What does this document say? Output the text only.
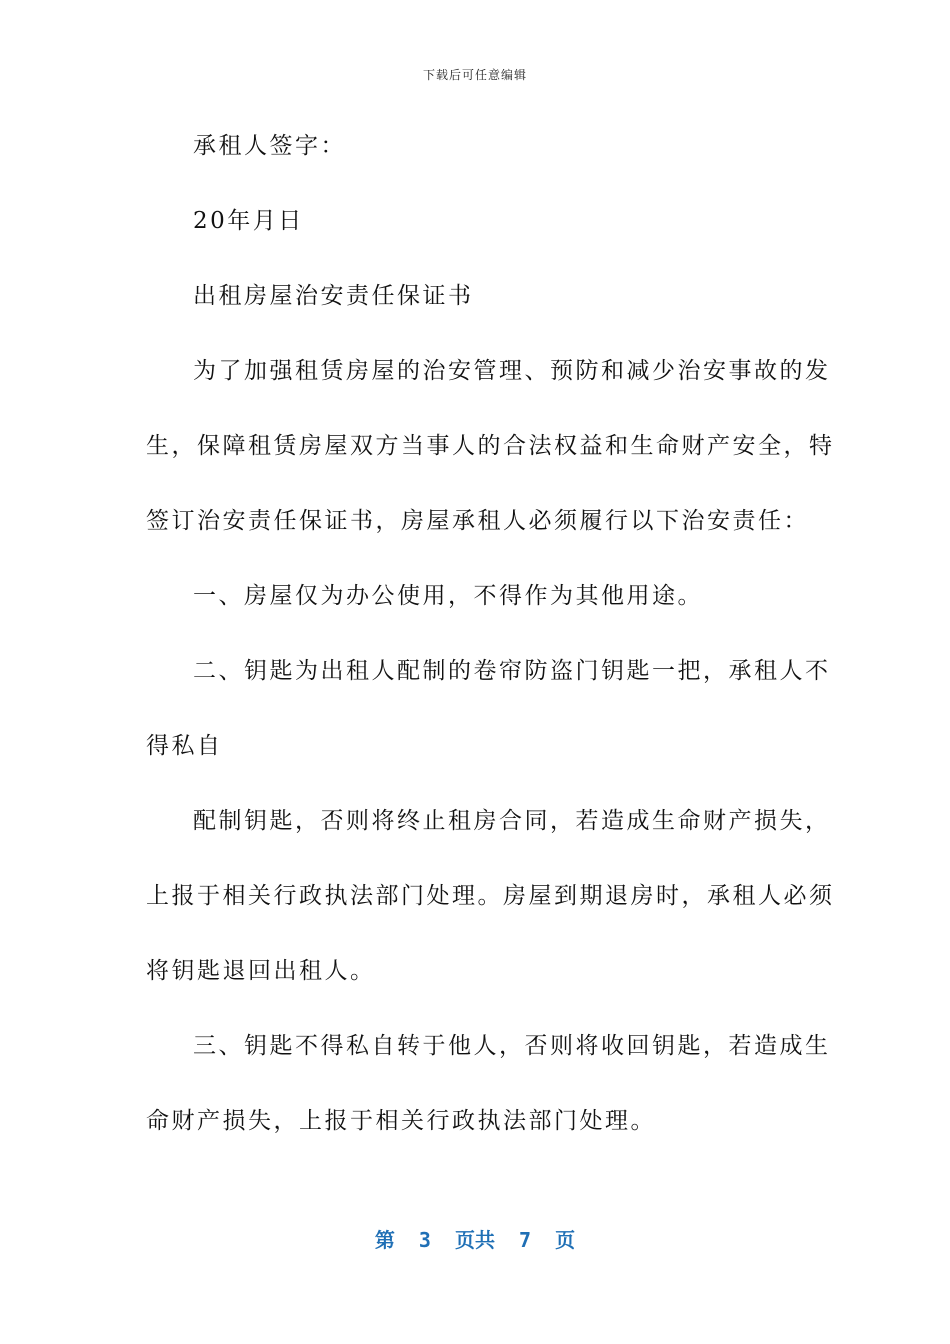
下载后可任意编辑
承租人签字：
20年月日
出租房屋治安责任保证书
为了加强租赁房屋的治安管理、预防和减少治安事故的发
生，保障租赁房屋双方当事人的合法权益和生命财产安全，特
签订治安责任保证书，房屋承租人必须履行以下治安责任：
一、房屋仅为办公使用，不得作为其他用途。
二、钥匙为出租人配制的卷帘防盗门钥匙一把，承租人不
得私自
配制钥匙，否则将终止租房合同，若造成生命财产损失，
上报于相关行政执法部门处理。房屋到期退房时，承租人必须
将钥匙退回出租人。
三、钥匙不得私自转于他人，否则将收回钥匙，若造成生
命财产损失，上报于相关行政执法部门处理。
第 3 页共 7 页
